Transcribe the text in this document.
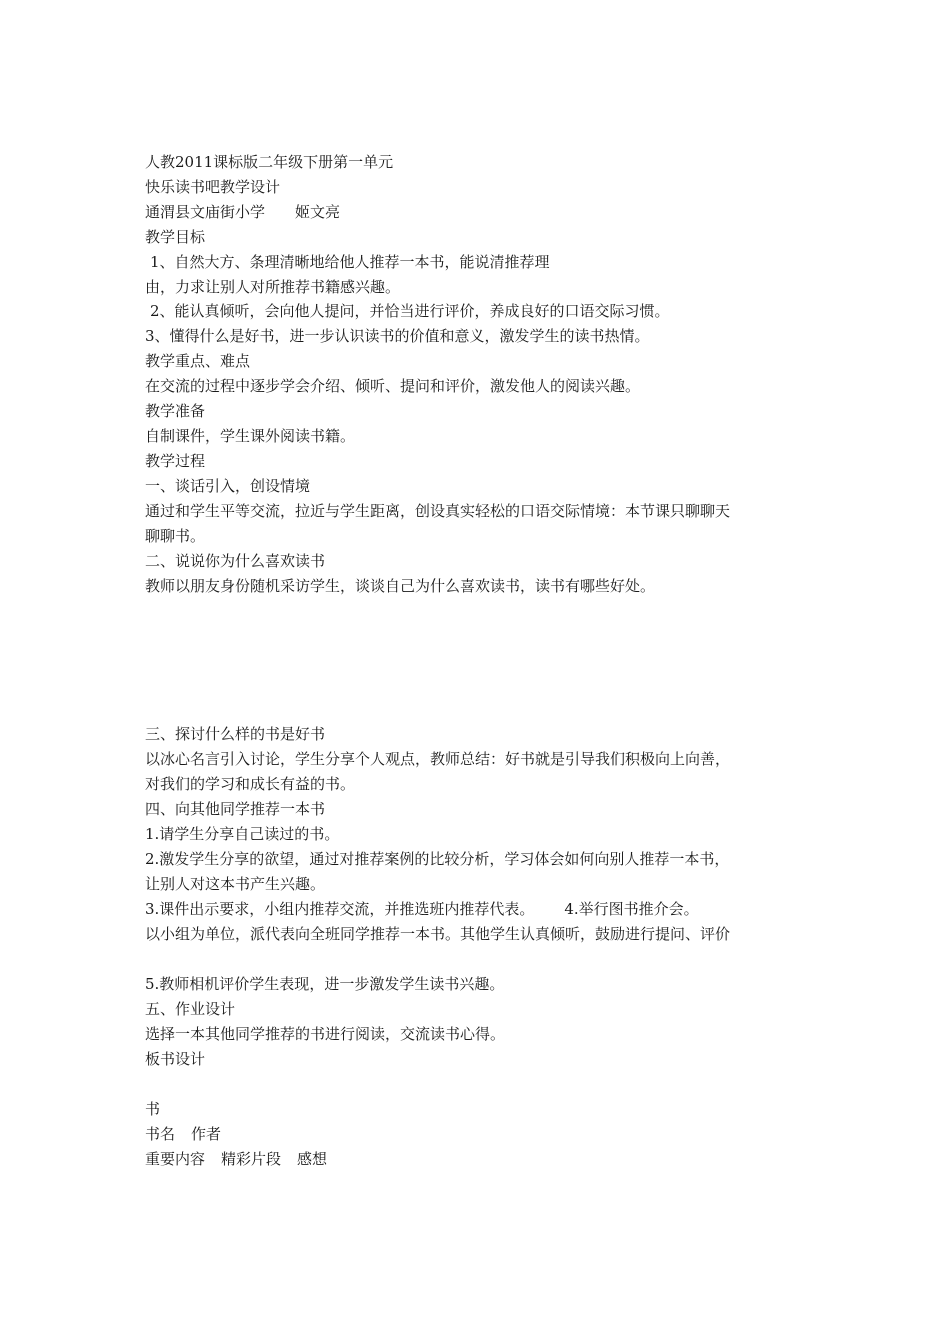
人教2011课标版二年级下册第一单元
快乐读书吧教学设计
通渭县文庙街小学 姬文亮
教学目标
1、自然大方、条理清晰地给他人推荐一本书，能说清推荐理
由，力求让别人对所推荐书籍感兴趣。
2、能认真倾听，会向他人提问，并恰当进行评价，养成良好的口语交际习惯。
3、懂得什么是好书，进一步认识读书的价值和意义，激发学生的读书热情。
教学重点、难点
在交流的过程中逐步学会介绍、倾听、提问和评价，激发他人的阅读兴趣。
教学准备
自制课件，学生课外阅读书籍。
教学过程
一、谈话引入，创设情境
通过和学生平等交流，拉近与学生距离，创设真实轻松的口语交际情境：本节课只聊聊天
聊聊书。
二、说说你为什么喜欢读书
教师以朋友身份随机采访学生，谈谈自己为什么喜欢读书，读书有哪些好处。
三、探讨什么样的书是好书
以冰心名言引入讨论，学生分享个人观点，教师总结：好书就是引导我们积极向上向善，
对我们的学习和成长有益的书。
四、向其他同学推荐一本书
1.请学生分享自己读过的书。
2.激发学生分享的欲望，通过对推荐案例的比较分析，学习体会如何向别人推荐一本书，
让别人对这本书产生兴趣。
3.课件出示要求，小组内推荐交流，并推选班内推荐代表。 4.举行图书推介会。
以小组为单位，派代表向全班同学推荐一本书。其他学生认真倾听，鼓励进行提问、评价
5.教师相机评价学生表现，进一步激发学生读书兴趣。
五、作业设计
选择一本其他同学推荐的书进行阅读，交流读书心得。
板书设计
书
书名 作者
重要内容 精彩片段 感想
